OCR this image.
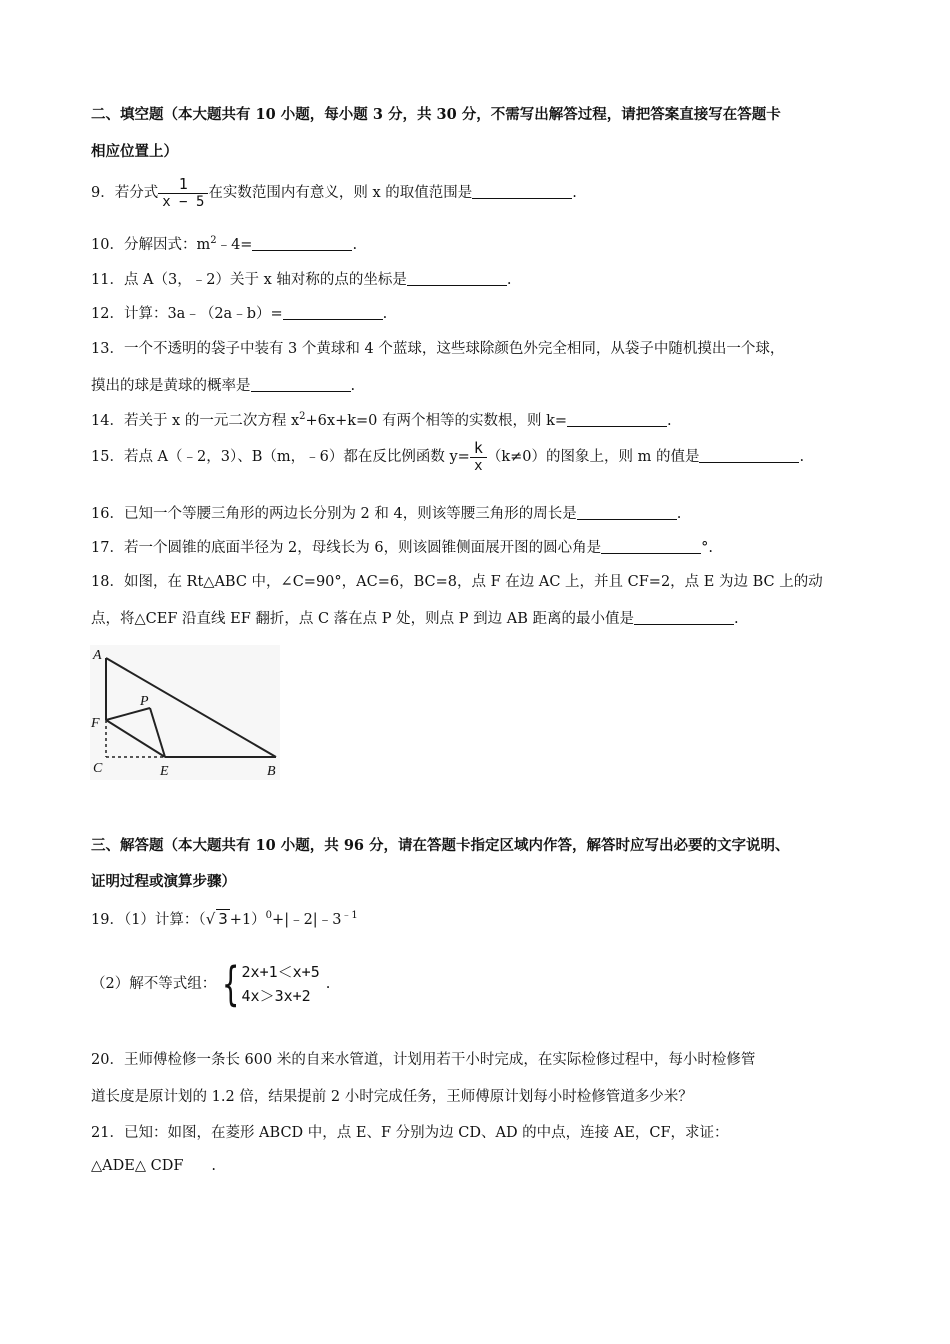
二、填空题（本大题共有 10 小题，每小题 3 分，共 30 分，不需写出解答过程，请把答案直接写在答题卡
相应位置上）
9．若分式 $\frac{1}{x - 5}$ 在实数范围内有意义，则 x 的取值范围是	.
10．分解因式：$m^2﹣4=$	.
11．点 A（3，﹣2）关于 x 轴对称的点的坐标是	.
12．计算：3a﹣（2a﹣b）=	.
13．一个不透明的袋子中装有 3 个黄球和 4 个蓝球，这些球除颜色外完全相同，从袋子中随机摸出一个球，
摸出的球是黄球的概率是	.
14．若关于 x 的一元二次方程 $x^2+6x+k=0$ 有两个相等的实数根，则 k=	.
15．若点 A（﹣2，3）、B（m，﹣6）都在反比例函数 $y= \frac{k}{x} (k\ne 0)$的图象上，则 m 的值是	.
16．已知一个等腰三角形的两边长分别为 2 和 4，则该等腰三角形的周长是	.
17．若一个圆锥的底面半径为 2，母线长为 6，则该圆锥侧面展开图的圆心角是	°.
18．如图，在 Rt△ABC 中，∠C=90°，AC=6，BC=8，点 F 在边 AC 上，并且 CF=2，点 E 为边 BC 上的动
点，将△CEF 沿直线 EF 翻折，点 C 落在点 P 处，则点 P 到边 AB 距离的最小值是	.
A
P
F
C	E	B
三、解答题（本大题共有 10 小题，共 96 分，请在答题卡指定区域内作答，解答时应写出必要的文字说明、
证明过程或演算步骤）
19．（1）计算：（√ $3 +1)^0+|﹣2|﹣3^{﹣1}$
（2）解不等式组： { 2x+1＜x+5
4x＞3x+2
.
20．王师傅检修一条长 600 米的自来水管道，计划用若干小时完成，在实际检修过程中，每小时检修管
道长度是原计划的 1.2 倍，结果提前 2 小时完成任务，王师傅原计划每小时检修管道多少米？
21．已知：如图，在菱形 ABCD 中，点 E、F 分别为边 CD、AD 的中点，连接 AE，CF，求证：
△ADE△ CDF .
